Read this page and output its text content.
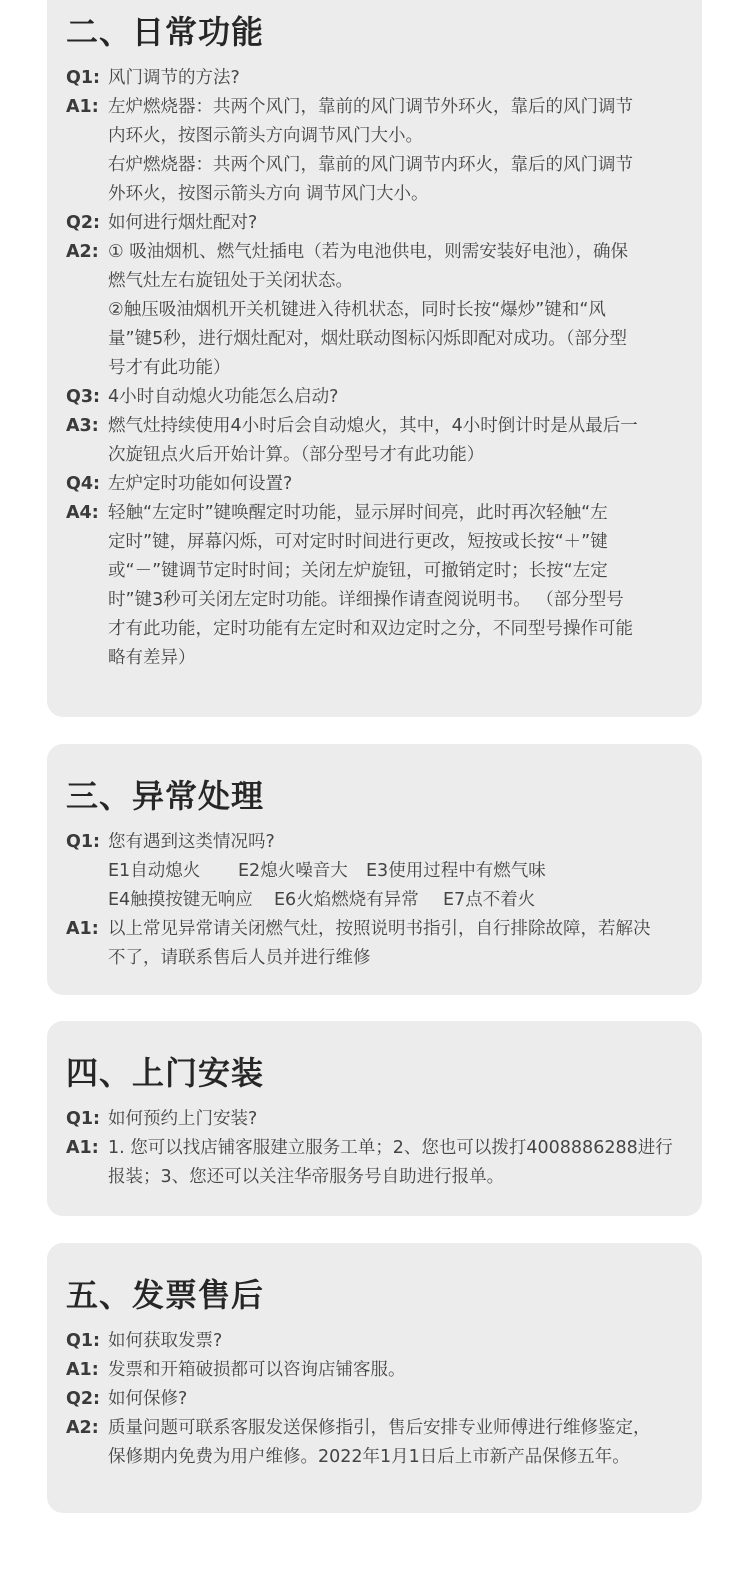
二、日常功能
Q1: 风门调节的方法?
A1: 左炉燃烧器：共两个风门，靠前的风门调节外环火，靠后的风门调节
内环火，按图示箭头方向调节风门大小。
右炉燃烧器：共两个风门，靠前的风门调节内环火，靠后的风门调节
外环火，按图示箭头方向 调节风门大小。
Q2: 如何进行烟灶配对?
A2: ① 吸油烟机、燃气灶插电（若为电池供电，则需安装好电池），确保
燃气灶左右旋钮处于关闭状态。
②触压吸油烟机开关机键进入待机状态，同时长按“爆炒”键和“风
量”键5秒，进行烟灶配对，烟灶联动图标闪烁即配对成功。（部分型
号才有此功能）
Q3: 4小时自动熄火功能怎么启动?
A3: 燃气灶持续使用4小时后会自动熄火，其中，4小时倒计时是从最后一
次旋钮点火后开始计算。（部分型号才有此功能）
Q4: 左炉定时功能如何设置?
A4: 轻触“左定时”键唤醒定时功能，显示屏时间亮，此时再次轻触“左
定时”键，屏幕闪烁，可对定时时间进行更改，短按或长按“＋”键
或“－”键调节定时时间；关闭左炉旋钮，可撤销定时；长按“左定
时”键3秒可关闭左定时功能。详细操作请查阅说明书。 （部分型号
才有此功能，定时功能有左定时和双边定时之分，不同型号操作可能
略有差异）
三、异常处理
Q1: 您有遇到这类情况吗?
E1自动熄火	E2熄火噪音大	E3使用过程中有燃气味
E4触摸按键无响应	E6火焰燃烧有异常	E7点不着火
A1: 以上常见异常请关闭燃气灶，按照说明书指引，自行排除故障，若解决
不了，请联系售后人员并进行维修
四、上门安装
Q1: 如何预约上门安装?
A1: 1. 您可以找店铺客服建立服务工单；2、您也可以拨打4008886288进行
报装；3、您还可以关注华帝服务号自助进行报单。
五、发票售后
Q1: 如何获取发票?
A1: 发票和开箱破损都可以咨询店铺客服。
Q2: 如何保修?
A2: 质量问题可联系客服发送保修指引，售后安排专业师傅进行维修鉴定，
保修期内免费为用户维修。2022年1月1日后上市新产品保修五年。
